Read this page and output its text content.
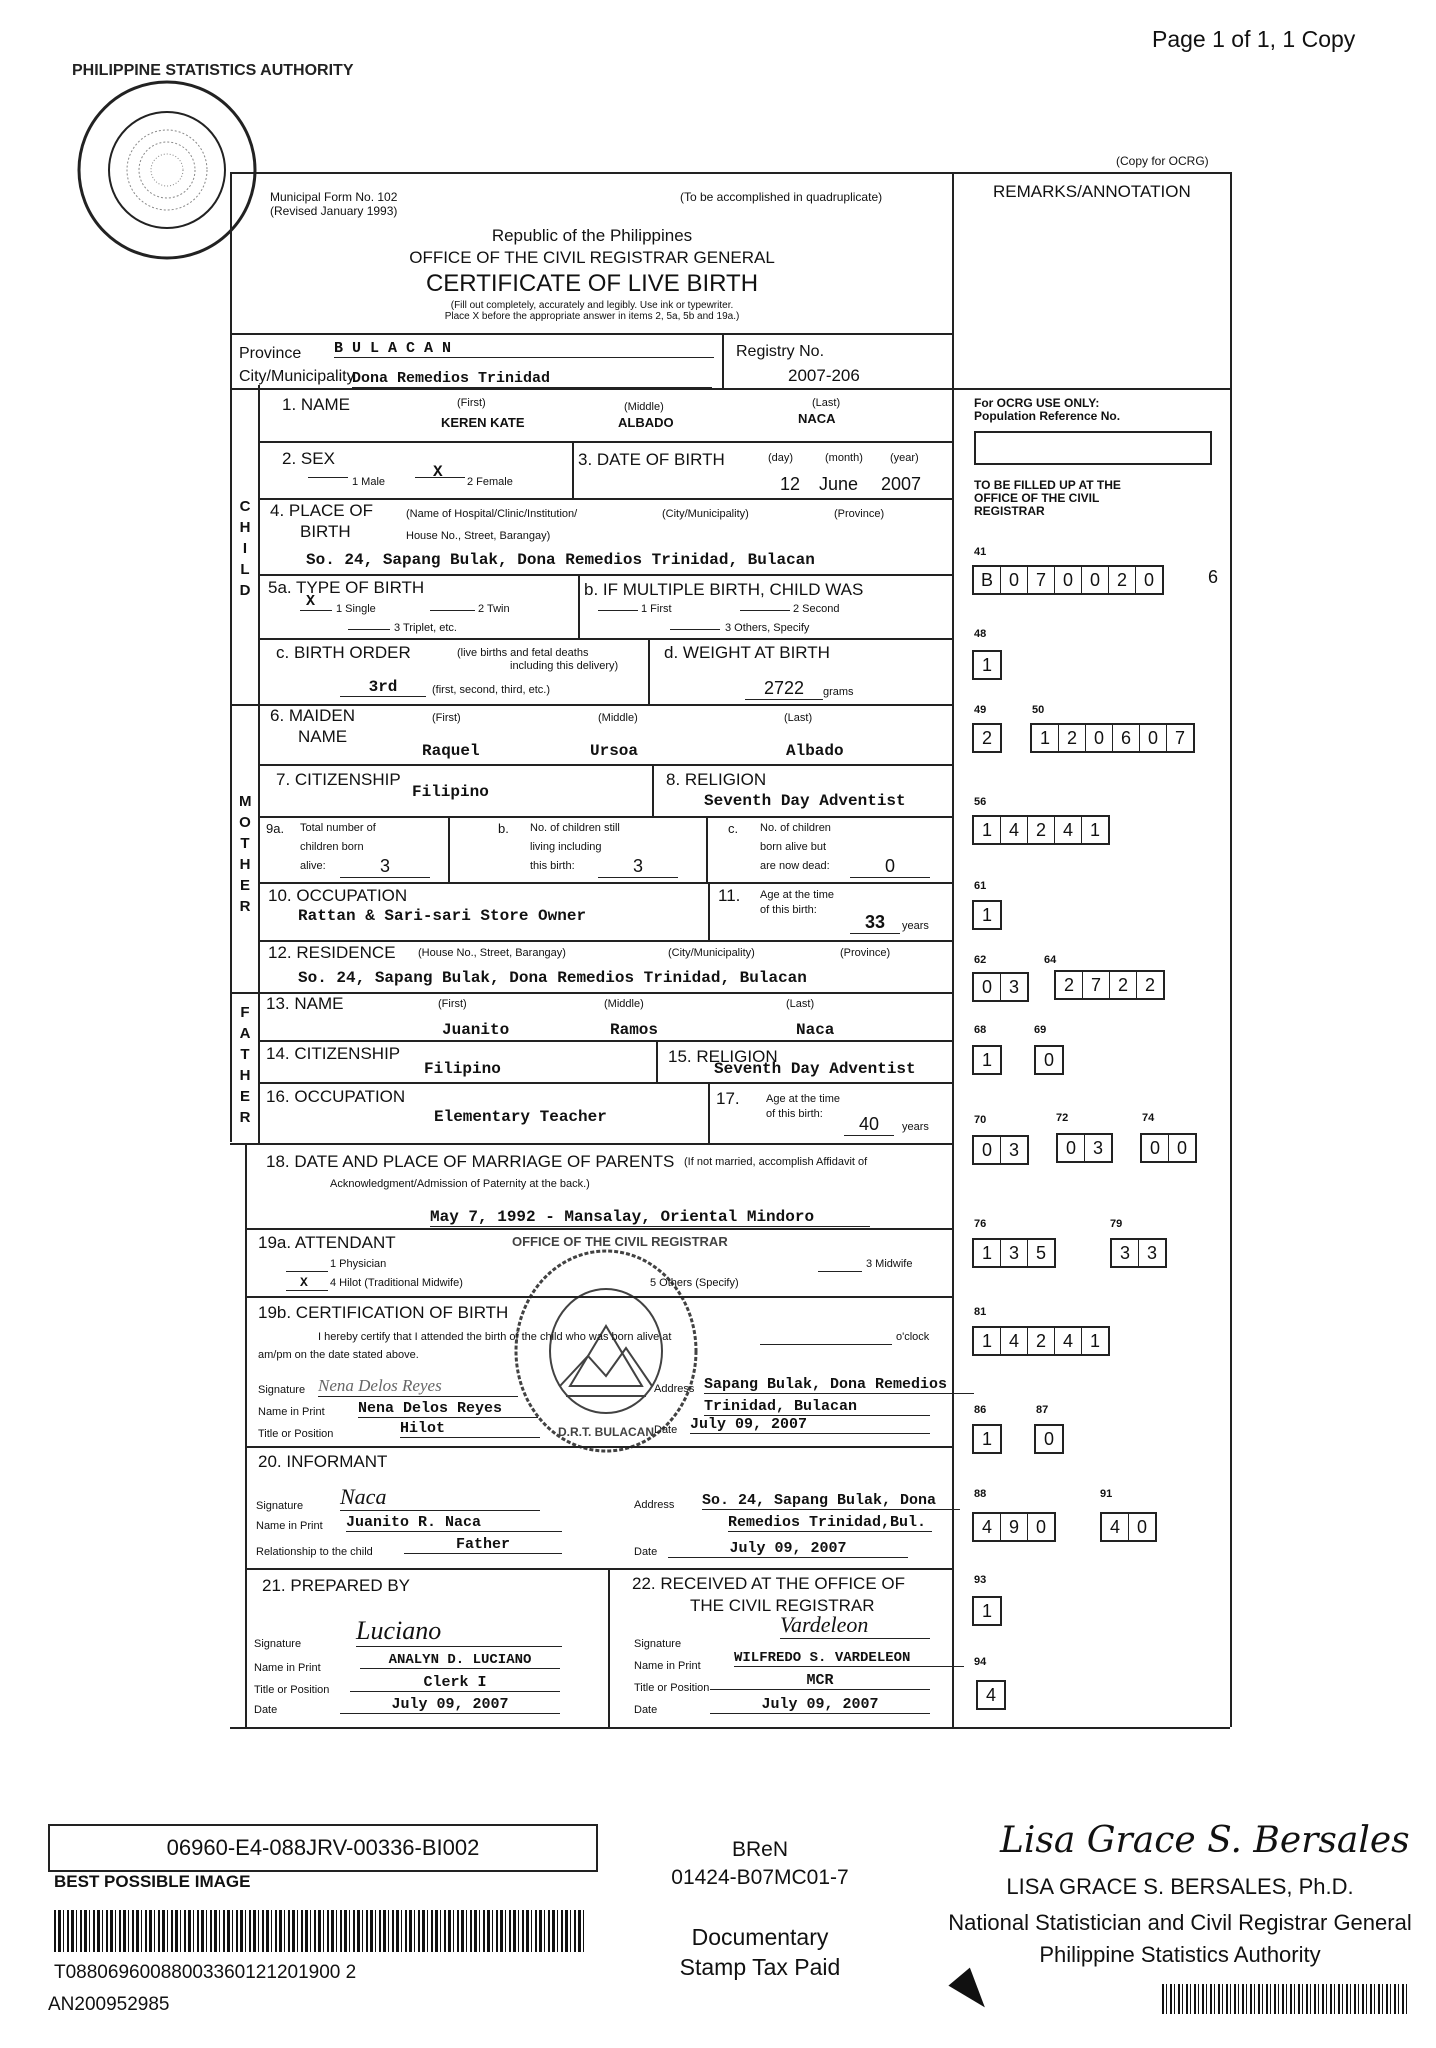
Page 1 of 1, 1 Copy
(Copy for OCRG)
PHILIPPINE STATISTICS AUTHORITY
Municipal Form No. 102
(Revised January 1993)
(To be accomplished in quadruplicate)
Republic of the Philippines
OFFICE OF THE CIVIL REGISTRAR GENERAL
CERTIFICATE OF LIVE BIRTH
(Fill out completely, accurately and legibly. Use ink or typewriter.
Place X before the appropriate answer in items 2, 5a, 5b and 19a.)
REMARKS/ANNOTATION
Province B U L A C A N
City/Municipality
Dona Remedios Trinidad
Registry No.
2007-206
For OCRG USE ONLY:
Population Reference No.
TO BE FILLED UP AT THE
OFFICE OF THE CIVIL
REGISTRAR
CHILD
MOTHER
FATHER
1. NAME	(First)	(Middle)	(Last)
KEREN KATE	ALBADO	NACA
2. SEX
1 Male
X
2 Female
3. DATE OF BIRTH	(day)	(month) (year)
12 June 2007
4. PLACE OF
BIRTH
(Name of Hospital/Clinic/Institution/
House No., Street, Barangay)
(City/Municipality)	(Province)
So. 24, Sapang Bulak, Dona Remedios Trinidad, Bulacan
5a. TYPE OF BIRTH
X 1 Single	2 Twin
3 Triplet, etc.
b. IF MULTIPLE BIRTH, CHILD WAS
1 First	2 Second
3 Others, Specify
c. BIRTH ORDER	(live births and fetal deaths
including this delivery)
3rd	(first, second, third, etc.)
d. WEIGHT AT BIRTH
2722	grams
6. MAIDEN
NAME
(First)	(Middle)	(Last)
Raquel	Ursoa	Albado
7. CITIZENSHIP
Filipino
8. RELIGION
Seventh Day Adventist
9a. Total number of
children born
alive:	3
b. No. of children still
living including
this birth:	3
c. No. of children
born alive but
are now dead:	0
10. OCCUPATION
Rattan & Sari-sari Store Owner
11. Age at the time
of this birth:
33	years
12. RESIDENCE (House No., Street, Barangay)	(City/Municipality)	(Province)
So. 24, Sapang Bulak, Dona Remedios Trinidad, Bulacan
13. NAME	(First)	(Middle)	(Last)
Juanito	Ramos	Naca
14. CITIZENSHIP
Filipino
15. RELIGION
Seventh Day Adventist
16. OCCUPATION
Elementary Teacher
17. Age at the time
of this birth:	40	years
18. DATE AND PLACE OF MARRIAGE OF PARENTS (If not married, accomplish Affidavit of
Acknowledgment/Admission of Paternity at the back.)
May 7, 1992 - Mansalay, Oriental Mindoro
19a. ATTENDANT
1 Physician
X 4 Hilot (Traditional Midwife)	5 Others (Specify)
3 Midwife
19b. CERTIFICATION OF BIRTH
I hereby certify that I attended the birth of the child who was born alive at	o'clock
am/pm on the date stated above.
Signature Nena Delos Reyes
Name in Print Nena Delos Reyes
Title or Position	Hilot
Address Sapang Bulak, Dona Remedios
Trinidad, Bulacan
Date July 09, 2007
OFFICE OF THE CIVIL REGISTRAR
D.R.T. BULACAN
20. INFORMANT
Signature Naca
Name in Print Juanito R. Naca
Relationship to the child	Father
Address So. 24, Sapang Bulak, Dona
Remedios Trinidad,Bul.
Date	July 09, 2007
21. PREPARED BY
Signature Luciano
Name in Print	ANALYN D. LUCIANO
Title or Position	Clerk I
Date	July 09, 2007
22. RECEIVED AT THE OFFICE OF
THE CIVIL REGISTRAR
Signature
Vardeleon
Name in Print WILFREDO S. VARDELEON
Title or Position	MCR
Date	July 09, 2007
41
B 0 7 0 0 2 0	6
48
1
49
2
50
1 2 0 6 0 7
56
1 4 2 4 1
61
1
62
0 3
64
2 7 2 2
68
1
69
0
70
0 3
72
0 3
74
0 0
76
1 3 5
79
3 3
81
1 4 2 4 1
86
1
87
0
88
4 9 0
91
4 0
93
1
94
4
06960-E4-088JRV-00336-BI002
BEST POSSIBLE IMAGE
T08806960088003360121201900 2
AN200952985
BReN
01424-B07MC01-7
Documentary
Stamp Tax Paid
Lisa Grace S. Bersales
LISA GRACE S. BERSALES, Ph.D.
National Statistician and Civil Registrar General
Philippine Statistics Authority
